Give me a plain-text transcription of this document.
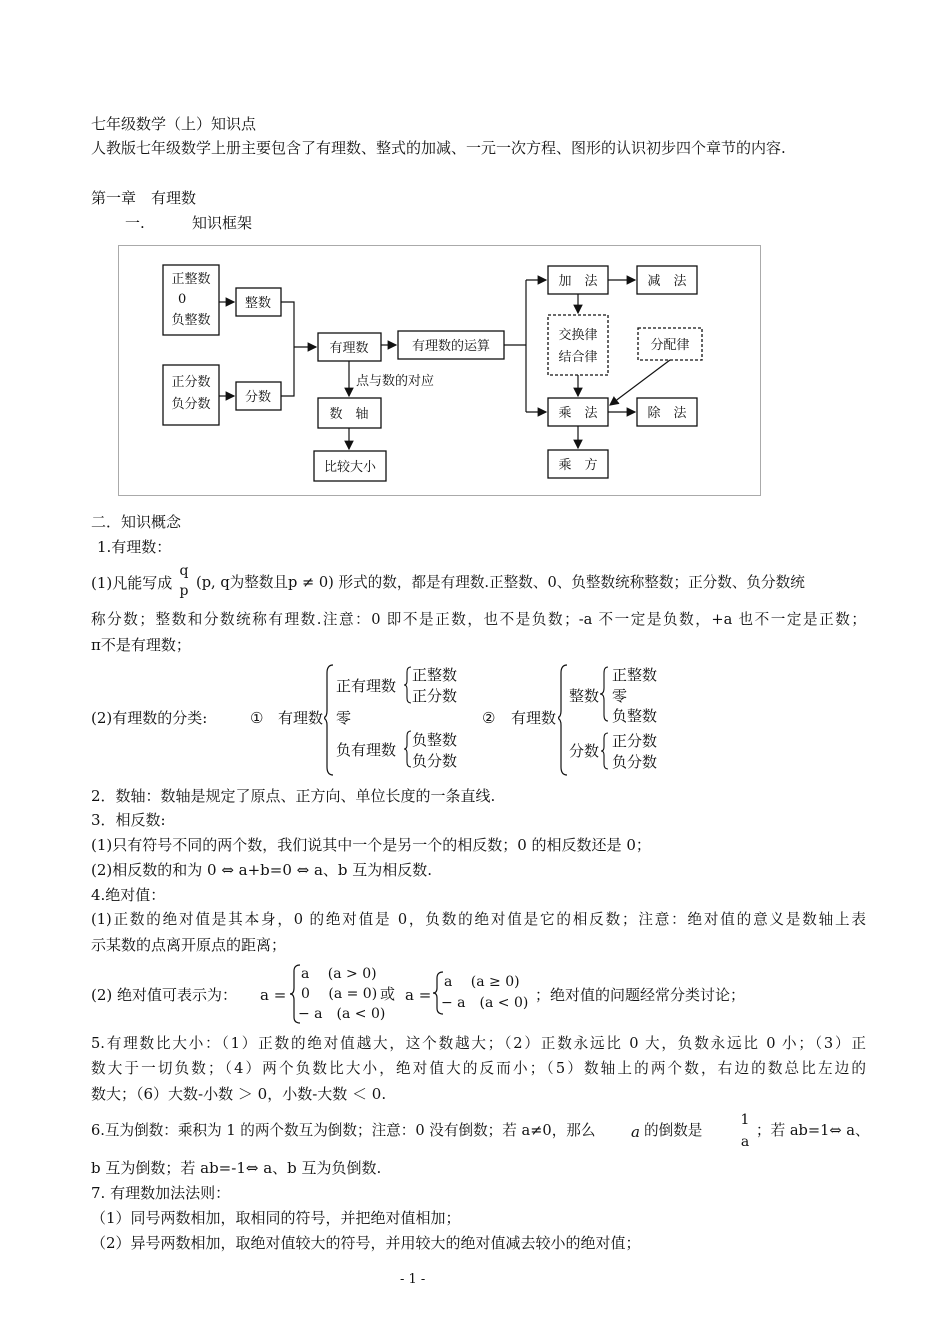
七年级数学（上）知识点
人教版七年级数学上册主要包含了有理数、整式的加减、一元一次方程、图形的认识初步四个章节的内容.
第一章　有理数
一.	知识框架
正整数
0
负整数
正分数
负分数
整数
分数
有理数	有理数的运算
点与数的对应
数　轴
比较大小
加　法	减　法
交换律
结合律
分配律
乘　法	除　法
乘　方
二．知识概念
1.有理数：
(1)凡能写成
q
p (p, q为整数且p ≠ 0) 形式的数，都是有理数.正整数、0、负整数统称整数；正分数、负分数统
称分数；整数和分数统称有理数.注意：0 即不是正数，也不是负数；-a 不一定是负数，+a 也不一定是正数；
π不是有理数；
(2)有理数的分类:	① 有理数
正有理数
正整数
正分数
零
负有理数
负整数
负分数
② 有理数
整数
正整数
零
负整数
分数
正分数
负分数
2．数轴：数轴是规定了原点、正方向、单位长度的一条直线.
3．相反数:
(1)只有符号不同的两个数，我们说其中一个是另一个的相反数；0 的相反数还是 0；
(2)相反数的和为 0 ⇔ a+b=0 ⇔ a、b 互为相反数.
4.绝对值：
(1)正数的绝对值是其本身，0 的绝对值是 0，负数的绝对值是它的相反数；注意：绝对值的意义是数轴上表
示某数的点离开原点的距离；
(2) 绝对值可表示为： a =
a　 (a > 0)
0　 (a = 0)
− a　(a < 0)
或 a =
a　 (a ≥ 0)
− a　(a < 0) ；绝对值的问题经常分类讨论；
5.有理数比大小：（1）正数的绝对值越大，这个数越大；（2）正数永远比 0 大，负数永远比 0 小；（3）正
数大于一切负数；（4）两个负数比大小，绝对值大的反而小；（5）数轴上的两个数，右边的数总比左边的
数大；（6）大数-小数 ＞ 0，小数-大数 ＜ 0.
6.互为倒数：乘积为 1 的两个数互为倒数；注意：0 没有倒数；若 a≠0，那么 a 的倒数是
1
a
；若 ab=1⇔ a、
b 互为倒数；若 ab=-1⇔ a、b 互为负倒数.
7. 有理数加法法则：
（1）同号两数相加，取相同的符号，并把绝对值相加；
（2）异号两数相加，取绝对值较大的符号，并用较大的绝对值减去较小的绝对值；
- 1 -
